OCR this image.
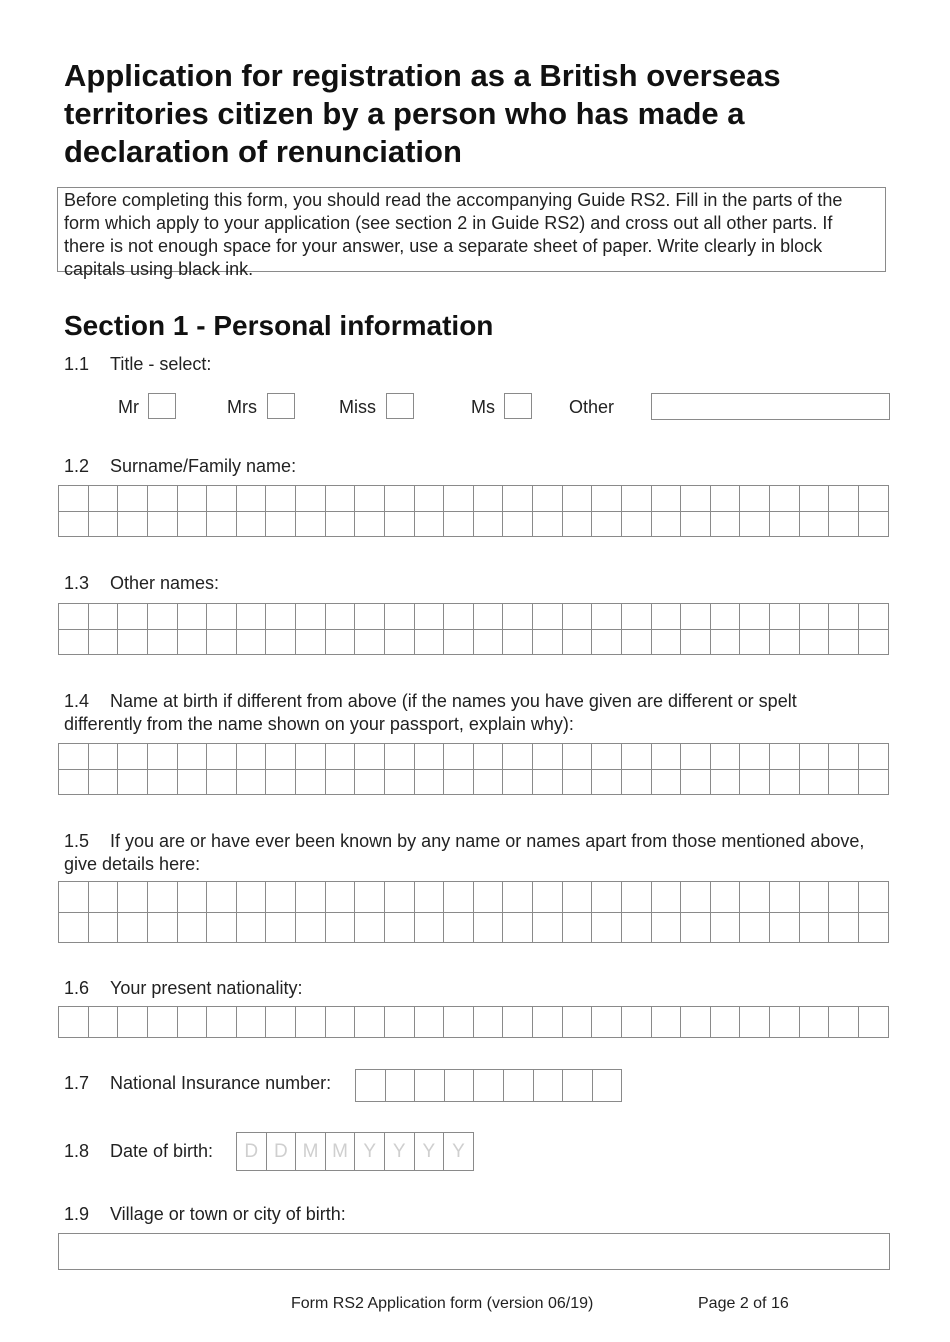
Application for registration as a British overseas territories citizen by a person who has made a declaration of renunciation
Before completing this form, you should read the accompanying Guide RS2. Fill in the parts of the form which apply to your application (see section 2 in Guide RS2) and cross out all other parts. If there is not enough space for your answer, use a separate sheet of paper. Write clearly in block capitals using black ink.
Section 1 - Personal information
1.1 Title - select:
Mr	Mrs	Miss	Ms	Other
1.2 Surname/Family name:
1.3 Other names:
1.4 Name at birth if different from above (if the names you have given are different or spelt differently from the name shown on your passport, explain why):
1.5 If you are or have ever been known by any name or names apart from those mentioned above, give details here:
1.6 Your present nationality:
1.7 National Insurance number:
1.8 Date of birth:	D D M M Y Y Y Y
1.9 Village or town or city of birth:
Form RS2 Application form (version 06/19)	Page 2 of 16
